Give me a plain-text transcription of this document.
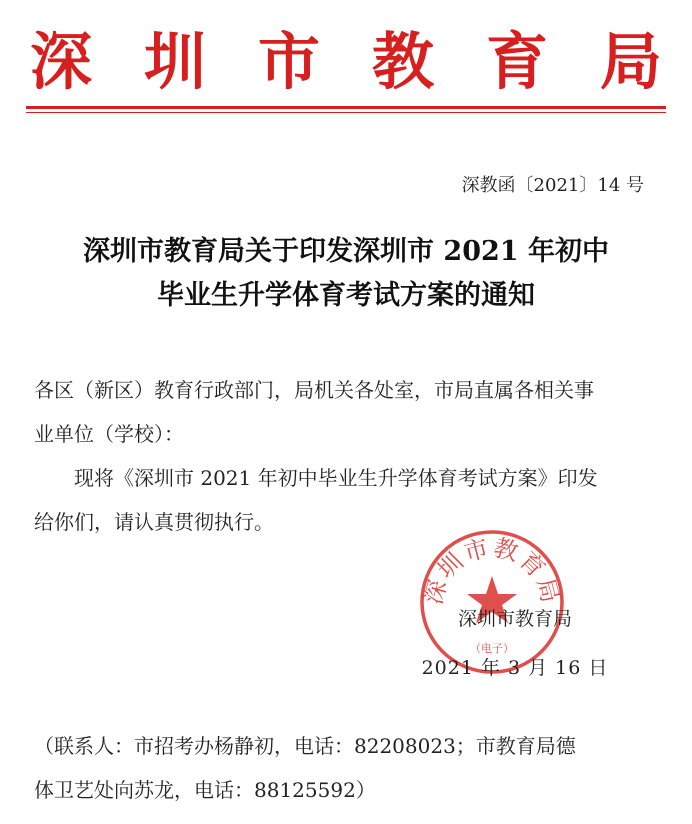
深 圳 市 教 育 局
深教函〔2021〕14 号
深圳市教育局关于印发深圳市 2021 年初中
毕业生升学体育考试方案的通知
各区（新区）教育行政部门，局机关各处室，市局直属各相关事
业单位（学校）：
现将《深圳市 2021 年初中毕业生升学体育考试方案》印发
给你们，请认真贯彻执行。
深圳市教育局
（电子）
深圳市教育局
2021 年 3 月 16 日
（联系人：市招考办杨静初，电话：82208023；市教育局德
体卫艺处向苏龙，电话：88125592）
